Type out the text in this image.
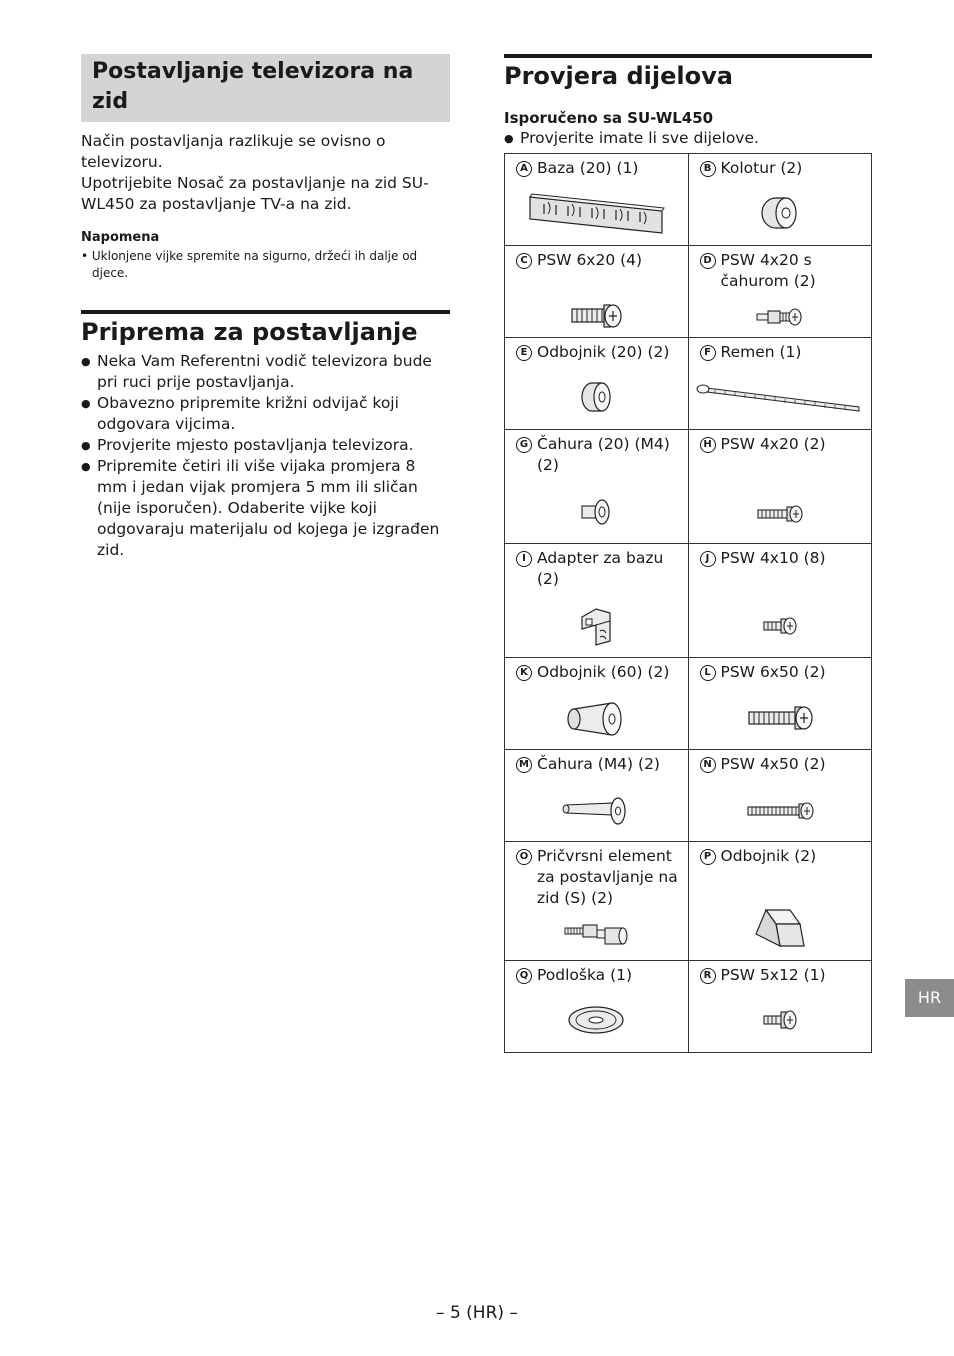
Postavljanje televizora na zid

Način postavljanja razlikuje se ovisno o televizoru.

Upotrijebite Nosač za postavljanje na zid SU-WL450 za postavljanje TV-a na zid.

Napomena

• Uklonjene vijke spremite na sigurno, držeći ih dalje od djece.

Priprema za postavljanje
● Neka Vam Referentni vodič televizora bude pri ruci prije postavljanja.
● Obavezno pripremite križni odvijač koji odgovara vijcima.
● Provjerite mjesto postavljanja televizora.
● Pripremite četiri ili više vijaka promjera 8 mm i jedan vijak promjera 5 mm ili sličan (nije isporučen). Odaberite vijke koji odgovaraju materijalu od kojega je izgrađen zid.
Provjera dijelova

Isporučeno sa SU-WL450

● Provjerite imate li sve dijelove.

A Baza (20) (1)	B Kolotur (2)

C PSW 6x20 (4)	D PSW 4x20 s čahurom (2)

E Odbojnik (20) (2)	F Remen (1)

G Čahura (20) (M4) (2)	H PSW 4x20 (2)

I Adapter za bazu (2)	J PSW 4x10 (8)

K Odbojnik (60) (2)	L PSW 6x50 (2)

M Čahura (M4) (2)	N PSW 4x50 (2)

O Pričvrsni element za postavljanje na zid (S) (2)	P Odbojnik (2)

Q Podloška (1)	R PSW 5x12 (1)
HR
– 5 (HR) –
